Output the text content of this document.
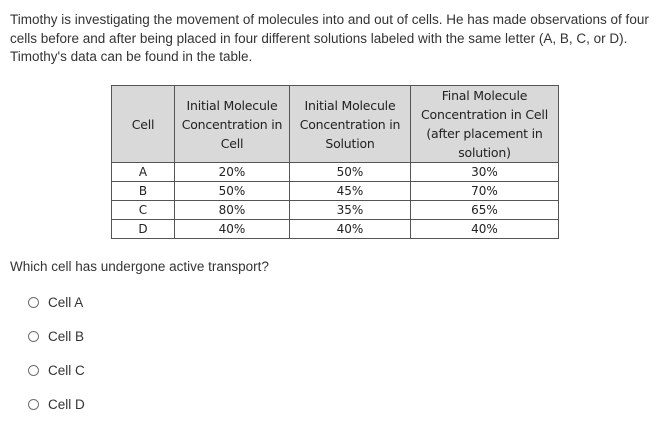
Timothy is investigating the movement of molecules into and out of cells. He has made observations of four cells before and after being placed in four different solutions labeled with the same letter (A, B, C, or D). Timothy's data can be found in the table.
Cell	Initial Molecule Concentration in Cell	Initial Molecule Concentration in Solution	Final Molecule Concentration in Cell (after placement in solution)
A	20%	50%	30%
B	50%	45%	70%
C	80%	35%	65%
D	40%	40%	40%
Which cell has undergone active transport?
Cell A
Cell B
Cell C
Cell D
